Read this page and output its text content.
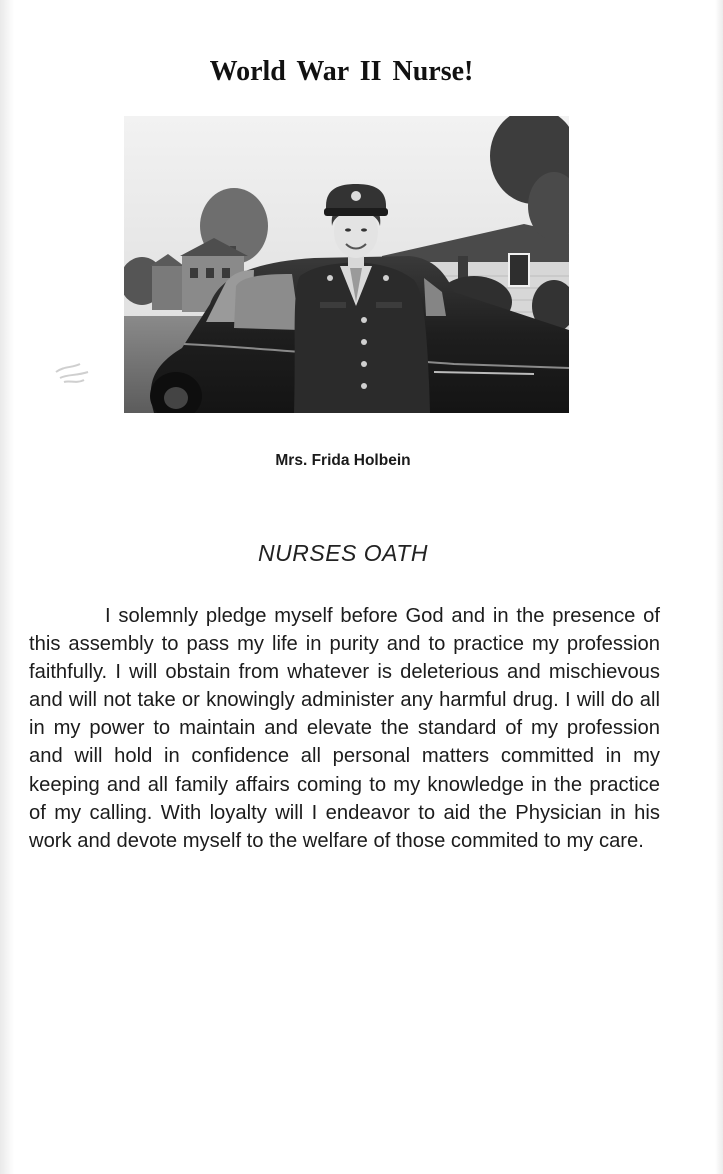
World War II Nurse!
Mrs. Frida Holbein
NURSES OATH

I solemnly pledge myself before God and in the presence of this assembly to pass my life in purity and to practice my profession faithfully. I will obstain from whatever is deleterious and mischievous and will not take or knowingly administer any harmful drug. I will do all in my power to maintain and elevate the standard of my profession and will hold in confidence all personal matters committed in my keeping and all family affairs coming to my knowledge in the practice of my calling. With loyalty will I endeavor to aid the Physician in his work and devote myself to the welfare of those commited to my care.
